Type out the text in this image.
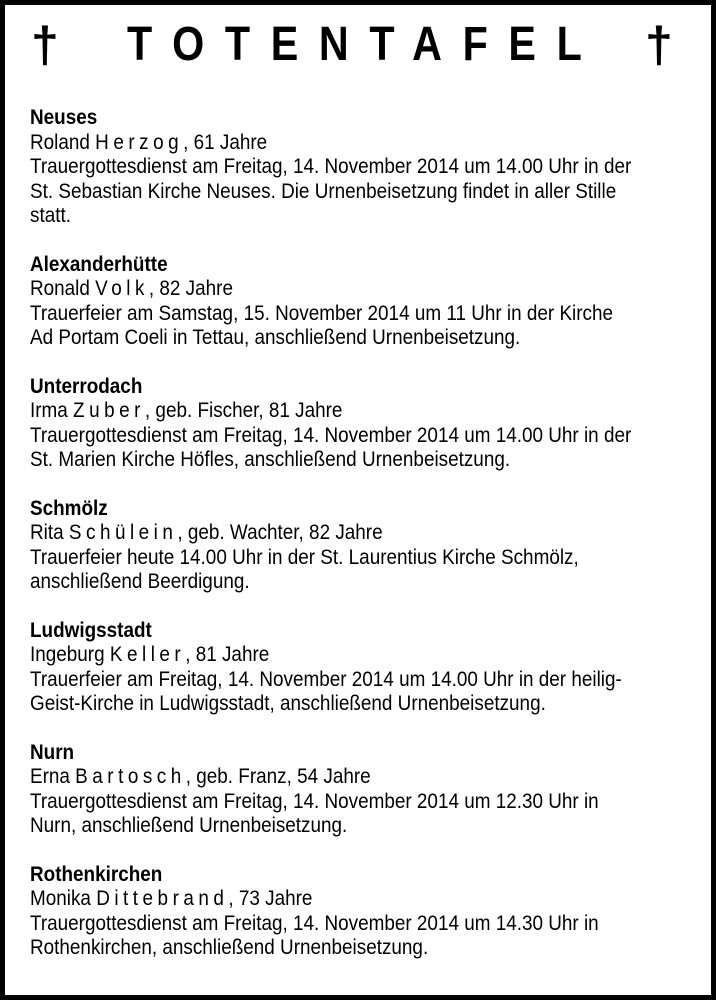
† TOTENTAFEL †
Neuses
Roland Herzog, 61 Jahre
Trauergottesdienst am Freitag, 14. November 2014 um 14.00 Uhr in der
St. Sebastian Kirche Neuses. Die Urnenbeisetzung findet in aller Stille
statt.
Alexanderhütte
Ronald Volk, 82 Jahre
Trauerfeier am Samstag, 15. November 2014 um 11 Uhr in der Kirche
Ad Portam Coeli in Tettau, anschließend Urnenbeisetzung.
Unterrodach
Irma Zuber, geb. Fischer, 81 Jahre
Trauergottesdienst am Freitag, 14. November 2014 um 14.00 Uhr in der
St. Marien Kirche Höfles, anschließend Urnenbeisetzung.
Schmölz
Rita Schülein, geb. Wachter, 82 Jahre
Trauerfeier heute 14.00 Uhr in der St. Laurentius Kirche Schmölz,
anschließend Beerdigung.
Ludwigsstadt
Ingeburg Keller, 81 Jahre
Trauerfeier am Freitag, 14. November 2014 um 14.00 Uhr in der heilig-
Geist-Kirche in Ludwigsstadt, anschließend Urnenbeisetzung.
Nurn
Erna Bartosch, geb. Franz, 54 Jahre
Trauergottesdienst am Freitag, 14. November 2014 um 12.30 Uhr in
Nurn, anschließend Urnenbeisetzung.
Rothenkirchen
Monika Dittebrand, 73 Jahre
Trauergottesdienst am Freitag, 14. November 2014 um 14.30 Uhr in
Rothenkirchen, anschließend Urnenbeisetzung.
